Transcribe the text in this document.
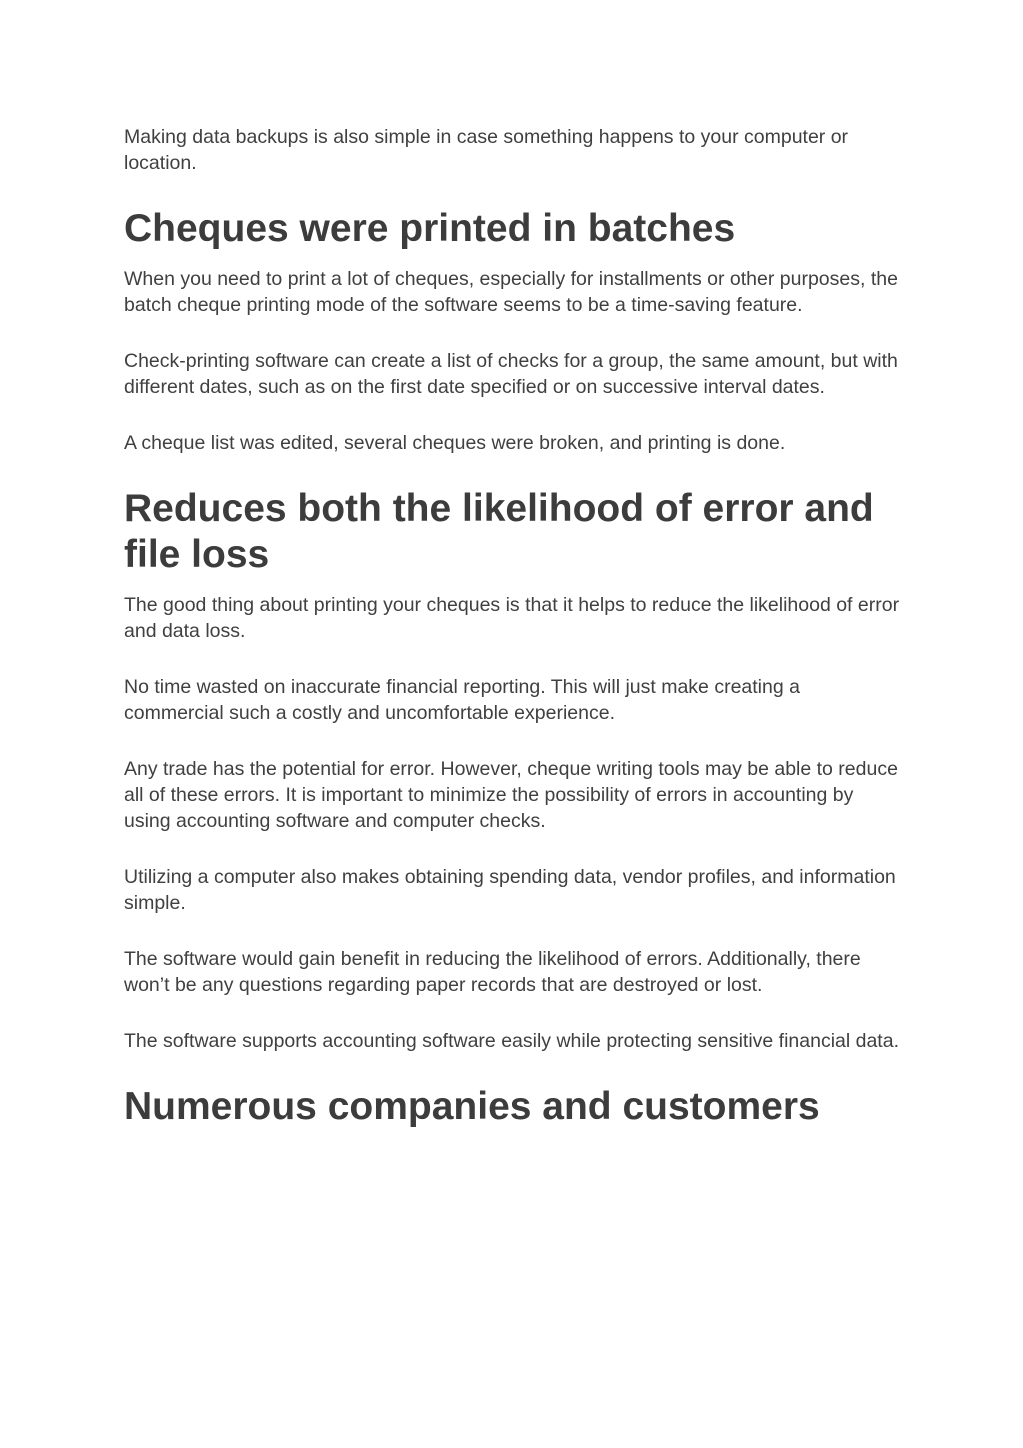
Making data backups is also simple in case something happens to your computer or location.

Cheques were printed in batches

When you need to print a lot of cheques, especially for installments or other purposes, the batch cheque printing mode of the software seems to be a time-saving feature.

Check-printing software can create a list of checks for a group, the same amount, but with different dates, such as on the first date specified or on successive interval dates.

A cheque list was edited, several cheques were broken, and printing is done.

Reduces both the likelihood of error and file loss

The good thing about printing your cheques is that it helps to reduce the likelihood of error and data loss.

No time wasted on inaccurate financial reporting. This will just make creating a commercial such a costly and uncomfortable experience.

Any trade has the potential for error. However, cheque writing tools may be able to reduce all of these errors. It is important to minimize the possibility of errors in accounting by using accounting software and computer checks.

Utilizing a computer also makes obtaining spending data, vendor profiles, and information simple.

The software would gain benefit in reducing the likelihood of errors. Additionally, there won’t be any questions regarding paper records that are destroyed or lost.

The software supports accounting software easily while protecting sensitive financial data.

Numerous companies and customers
